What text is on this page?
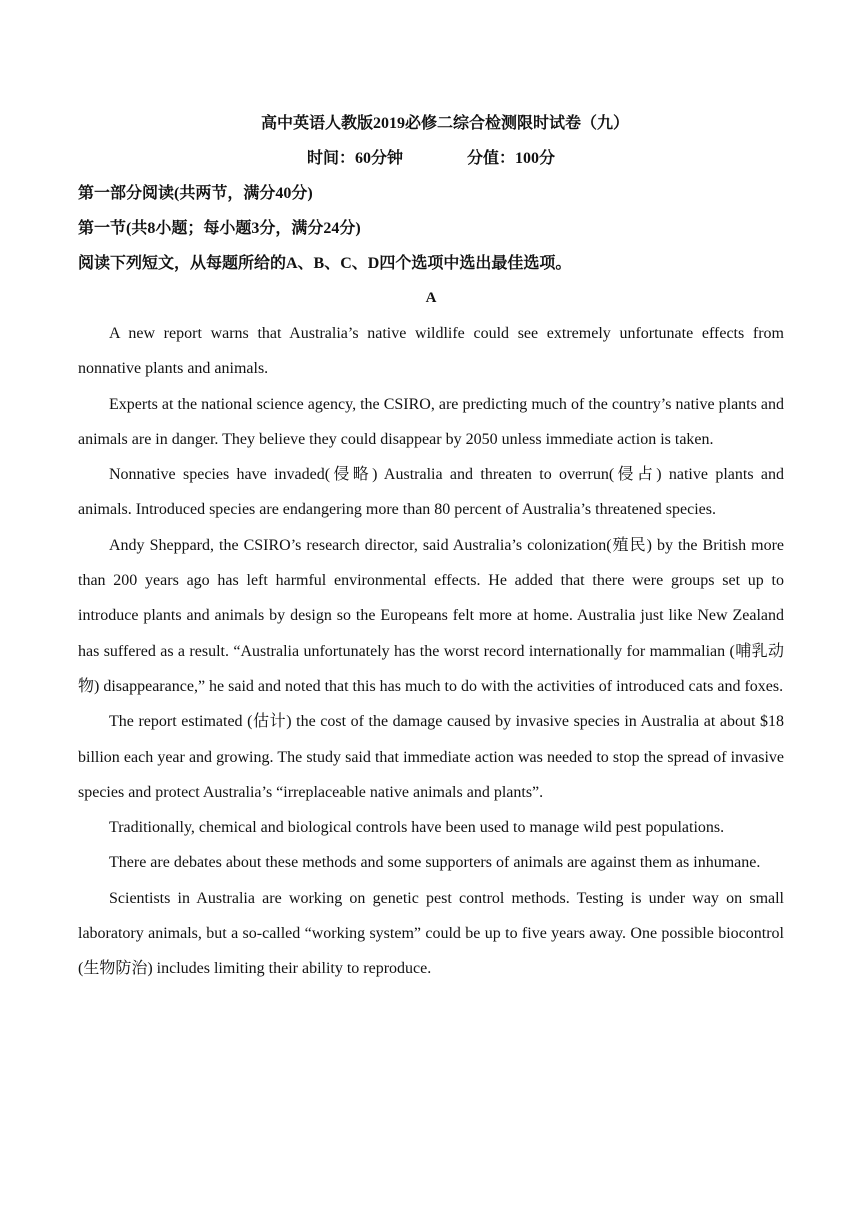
高中英语人教版2019必修二综合检测限时试卷（九）
时间：60分钟	分值：100分
第一部分阅读(共两节，满分40分)
第一节(共8小题；每小题3分，满分24分)
阅读下列短文，从每题所给的A、B、C、D四个选项中选出最佳选项。
A

A new report warns that Australia’s native wildlife could see extremely unfortunate effects from nonnative plants and animals.

Experts at the national science agency, the CSIRO, are predicting much of the country’s native plants and animals are in danger. They believe they could disappear by 2050 unless immediate action is taken.

Nonnative species have invaded(侵略) Australia and threaten to overrun(侵占) native plants and animals. Introduced species are endangering more than 80 percent of Australia’s threatened species.

Andy Sheppard, the CSIRO’s research director, said Australia’s colonization(殖民) by the British more than 200 years ago has left harmful environmental effects. He added that there were groups set up to introduce plants and animals by design so the Europeans felt more at home. Australia just like New Zealand has suffered as a result. “Australia unfortunately has the worst record internationally for mammalian (哺乳动物) disappearance,” he said and noted that this has much to do with the activities of introduced cats and foxes.

The report estimated (估计) the cost of the damage caused by invasive species in Australia at about $18 billion each year and growing. The study said that immediate action was needed to stop the spread of invasive species and protect Australia’s “irreplaceable native animals and plants”.

Traditionally, chemical and biological controls have been used to manage wild pest populations.

There are debates about these methods and some supporters of animals are against them as inhumane.

Scientists in Australia are working on genetic pest control methods. Testing is under way on small laboratory animals, but a so-called “working system” could be up to five years away. One possible biocontrol (生物防治) includes limiting their ability to reproduce.
